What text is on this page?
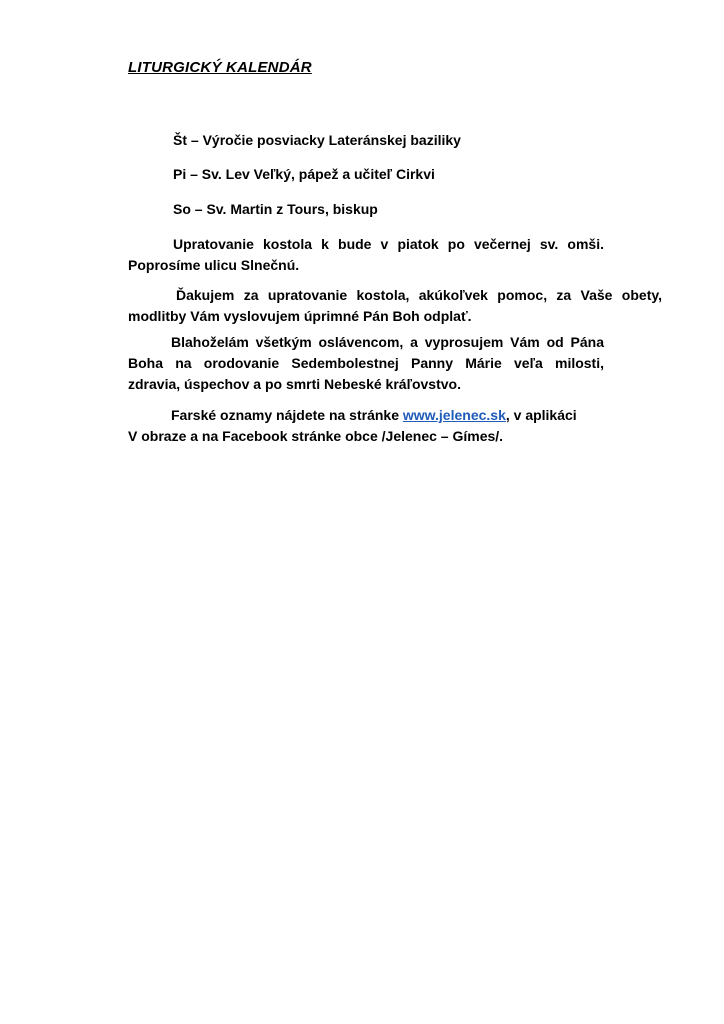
LITURGICKÝ KALENDÁR
Št – Výročie posviacky Lateránskej baziliky
Pi – Sv. Lev Veľký, pápež a učiteľ Cirkvi
So – Sv. Martin z Tours, biskup
Upratovanie kostola k bude v piatok po večernej sv. omši.
Poprosíme ulicu Slnečnú.
Ďakujem za upratovanie kostola, akúkoľvek pomoc, za Vaše obety,
modlitby Vám vyslovujem úprimné Pán Boh odplať.
Blahoželám všetkým oslávencom, a vyprosujem Vám od Pána
Boha na orodovanie Sedembolestnej Panny Márie veľa milosti,
zdravia, úspechov a po smrti Nebeské kráľovstvo.
Farské oznamy nájdete na stránke www.jelenec.sk, v aplikáci
V obraze a na Facebook stránke obce /Jelenec – Gímes/.
